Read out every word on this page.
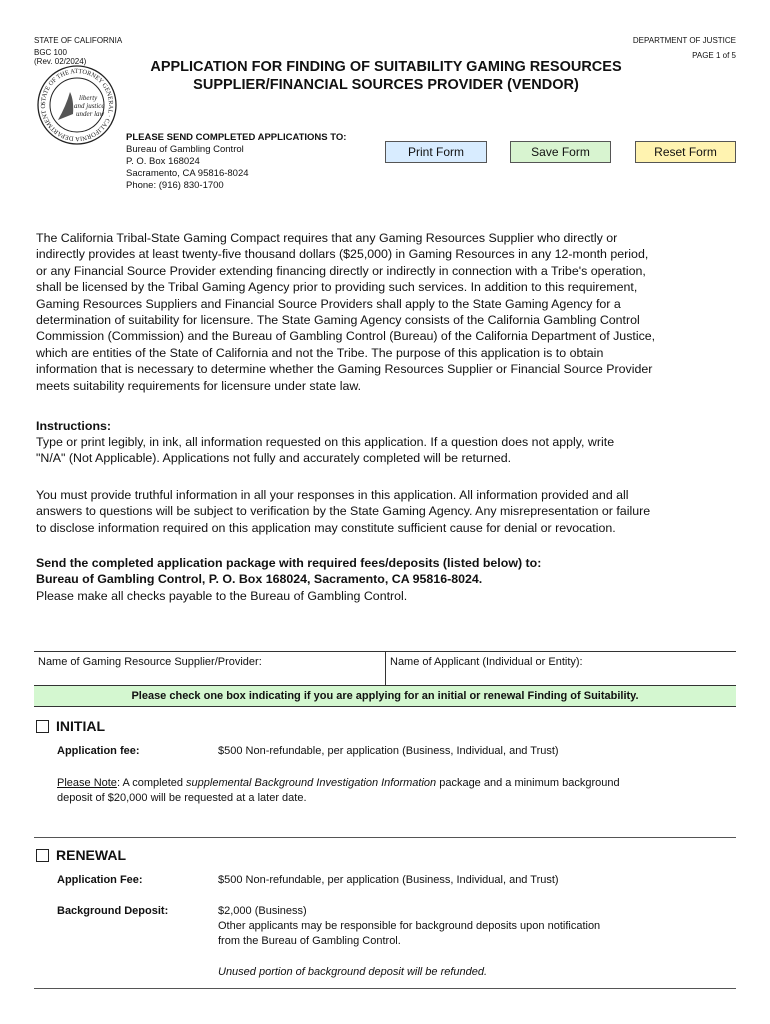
STATE OF CALIFORNIA
BGC 100
(Rev. 02/2024)
DEPARTMENT OF JUSTICE
PAGE 1 of 5
STATE OF THE ATTORNEY GENERAL · CALIFORNIA DEPARTMENT O
liberty
and justice
under law
APPLICATION FOR FINDING OF SUITABILITY GAMING RESOURCES
SUPPLIER/FINANCIAL SOURCES PROVIDER (VENDOR)
PLEASE SEND COMPLETED APPLICATIONS TO:
Bureau of Gambling Control
P. O. Box 168024
Sacramento, CA 95816-8024
Phone: (916) 830-1700
Print Form	Save Form	Reset Form
The California Tribal-State Gaming Compact requires that any Gaming Resources Supplier who directly or
indirectly provides at least twenty-five thousand dollars ($25,000) in Gaming Resources in any 12-month period,
or any Financial Source Provider extending financing directly or indirectly in connection with a Tribe's operation,
shall be licensed by the Tribal Gaming Agency prior to providing such services. In addition to this requirement,
Gaming Resources Suppliers and Financial Source Providers shall apply to the State Gaming Agency for a
determination of suitability for licensure. The State Gaming Agency consists of the California Gambling Control
Commission (Commission) and the Bureau of Gambling Control (Bureau) of the California Department of Justice,
which are entities of the State of California and not the Tribe. The purpose of this application is to obtain
information that is necessary to determine whether the Gaming Resources Supplier or Financial Source Provider
meets suitability requirements for licensure under state law.
Instructions:
Type or print legibly, in ink, all information requested on this application. If a question does not apply, write
"N/A" (Not Applicable). Applications not fully and accurately completed will be returned.
You must provide truthful information in all your responses in this application. All information provided and all
answers to questions will be subject to verification by the State Gaming Agency. Any misrepresentation or failure
to disclose information required on this application may constitute sufficient cause for denial or revocation.
Send the completed application package with required fees/deposits (listed below) to:
Bureau of Gambling Control, P. O. Box 168024, Sacramento, CA 95816-8024.
Please make all checks payable to the Bureau of Gambling Control.
Name of Gaming Resource Supplier/Provider:	Name of Applicant (Individual or Entity):
Please check one box indicating if you are applying for an initial or renewal Finding of Suitability.
INITIAL
Application fee:	$500 Non-refundable, per application (Business, Individual, and Trust)
Please Note: A completed supplemental Background Investigation Information package and a minimum background
deposit of $20,000 will be requested at a later date.
RENEWAL
Application Fee:	$500 Non-refundable, per application (Business, Individual, and Trust)
Background Deposit:	$2,000 (Business)
Other applicants may be responsible for background deposits upon notification
from the Bureau of Gambling Control.
Unused portion of background deposit will be refunded.
